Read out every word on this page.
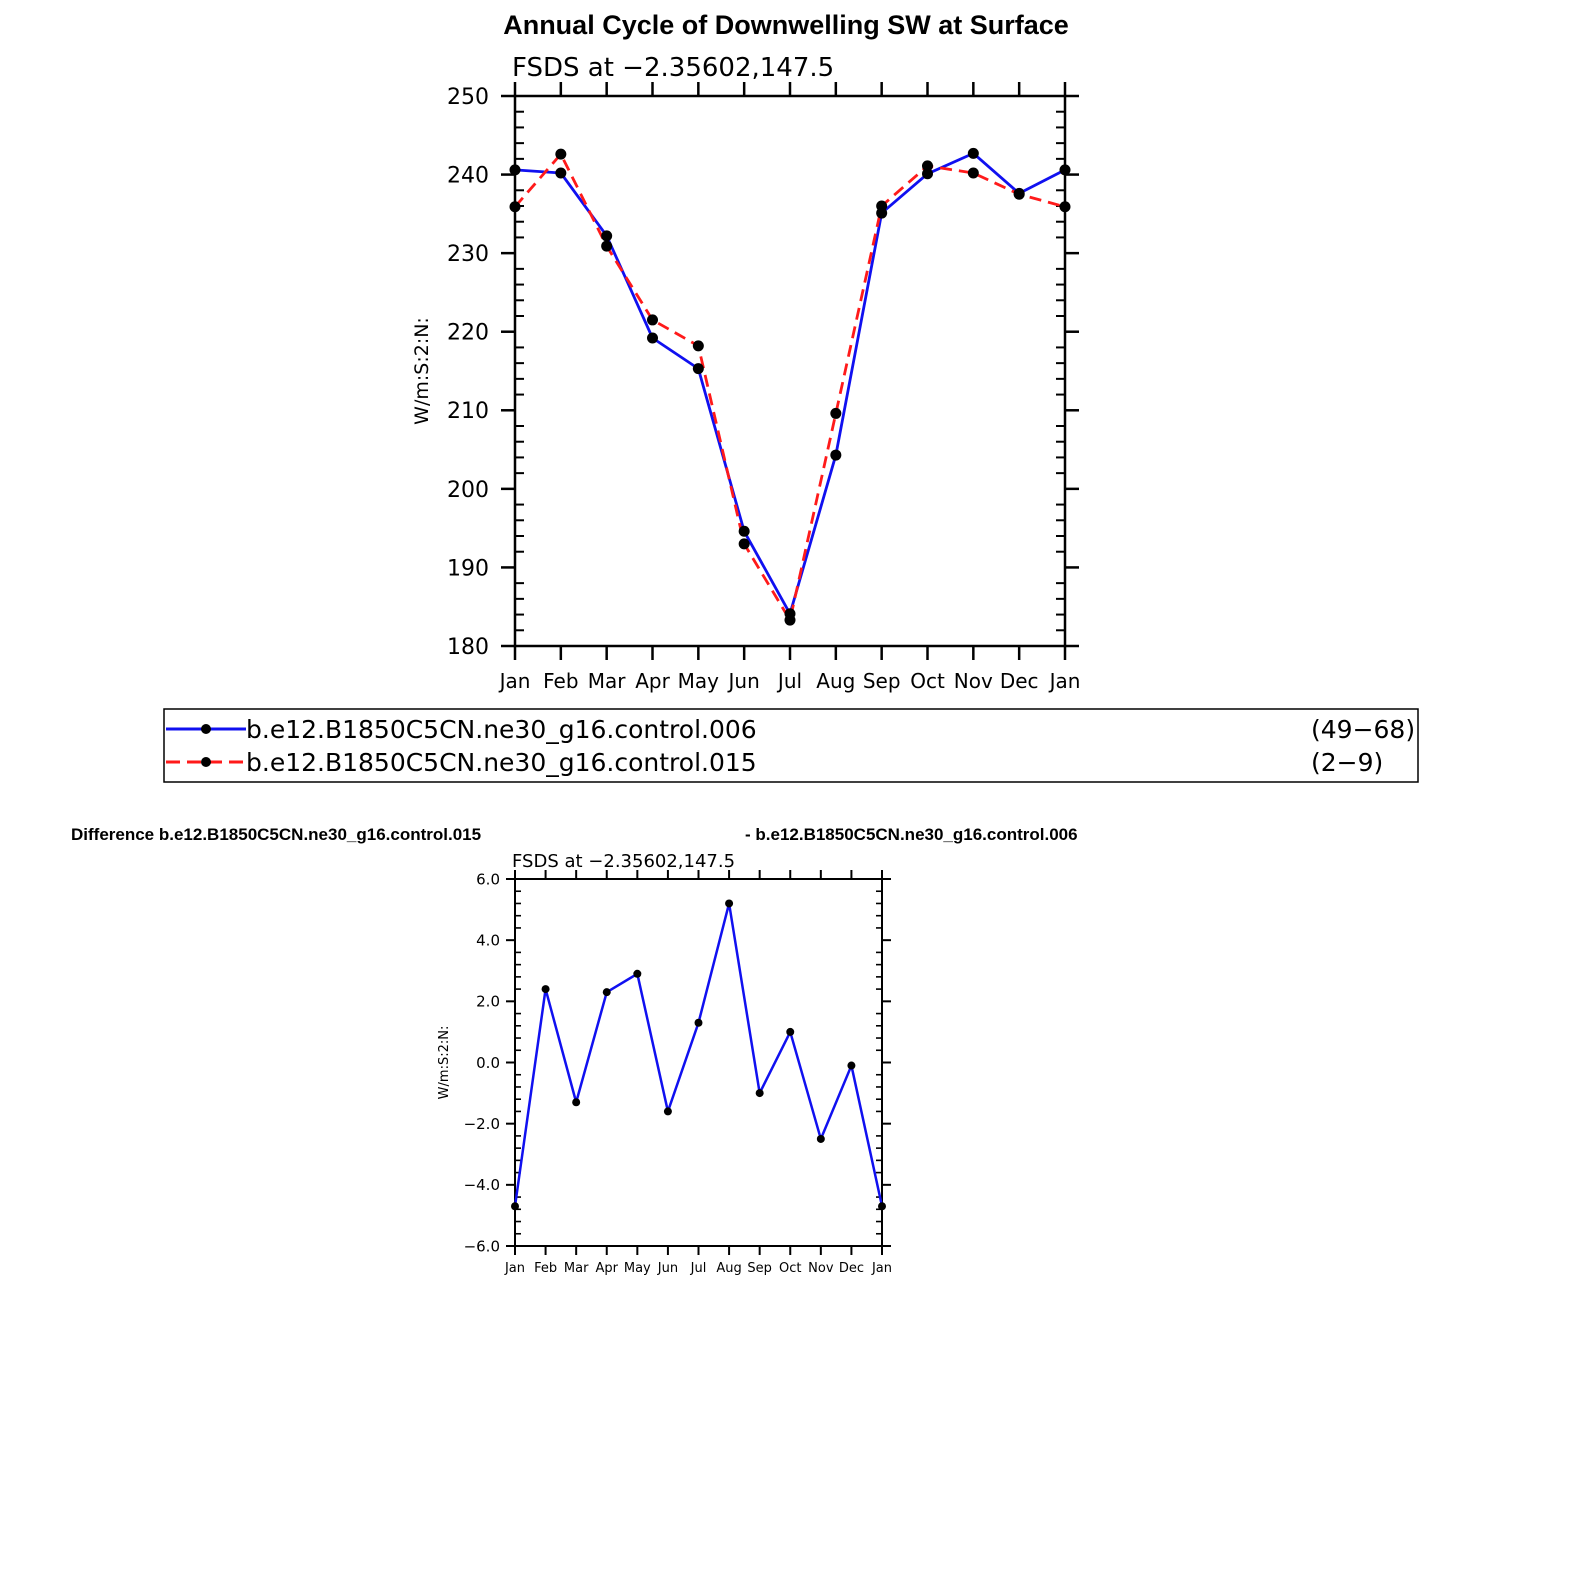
Annual Cycle of Downwelling SW at Surface
FSDS at −2.35602,147.5
W/m:S:2:N:
180
190
200
210
220
230
240
250
Jan Feb Mar Apr May Jun Jul Aug Sep Oct Nov Dec Jan
b.e12.B1850C5CN.ne30_g16.control.006	(49−68)
b.e12.B1850C5CN.ne30_g16.control.015	(2−9)
Difference b.e12.B1850C5CN.ne30_g16.control.015	- b.e12.B1850C5CN.ne30_g16.control.006
FSDS at −2.35602,147.5
W/m:S:2:N:
−6.0
−4.0
−2.0
0.0
2.0
4.0
6.0
Jan Feb Mar Apr May Jun Jul Aug Sep Oct Nov Dec Jan
